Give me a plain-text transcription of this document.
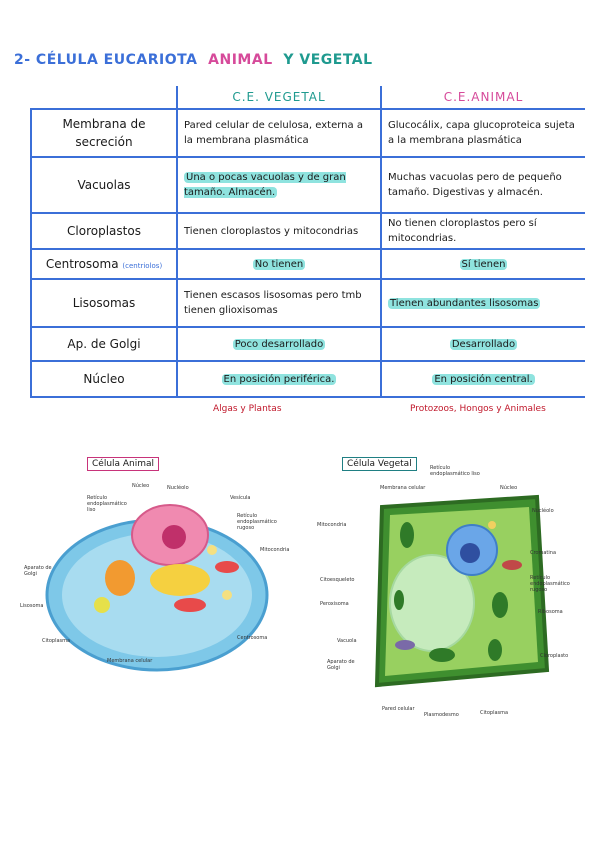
2- CÉLULA EUCARIOTA ANIMAL Y VEGETAL
	C.E. VEGETAL	C.E.ANIMAL
Membrana de secreción	Pared celular de celulosa, externa a la membrana plasmática	Glucocálix, capa glucoproteica sujeta a la membrana plasmática
Vacuolas	Una o pocas vacuolas y de gran tamaño. Almacén.	Muchas vacuolas pero de pequeño tamaño. Digestivas y almacén.
Cloroplastos	Tienen cloroplastos y mitocondrias	No tienen cloroplastos pero sí mitocondrias.
Centrosoma (centriolos)	No tienen	Sí tienen
Lisosomas	Tienen escasos lisosomas pero tmb tienen glioxisomas	Tienen abundantes lisosomas
Ap. de Golgi	Poco desarrollado	Desarrollado
Núcleo	En posición periférica.	En posición central.
Algas y Plantas	Protozoos, Hongos y Animales
Célula Animal
Núcleo	Nucléolo
Vesícula
Retículo endoplasmático liso
Retículo endoplasmático rugoso
Mitocondria
Aparato de Golgi
Lisosoma
Citoplasma	Centrosoma
Membrana celular
Célula Vegetal	Retículo endoplasmático liso
Membrana celular	Núcleo
Mitocondria
Nucléolo
Cromatina
Citoesqueleto	Retículo endoplasmático rugoso
Peroxisoma
Ribosoma
Vacuola
Cloroplasto
Aparato de Golgi
Pared celular
Plasmodesmo	Citoplasma
